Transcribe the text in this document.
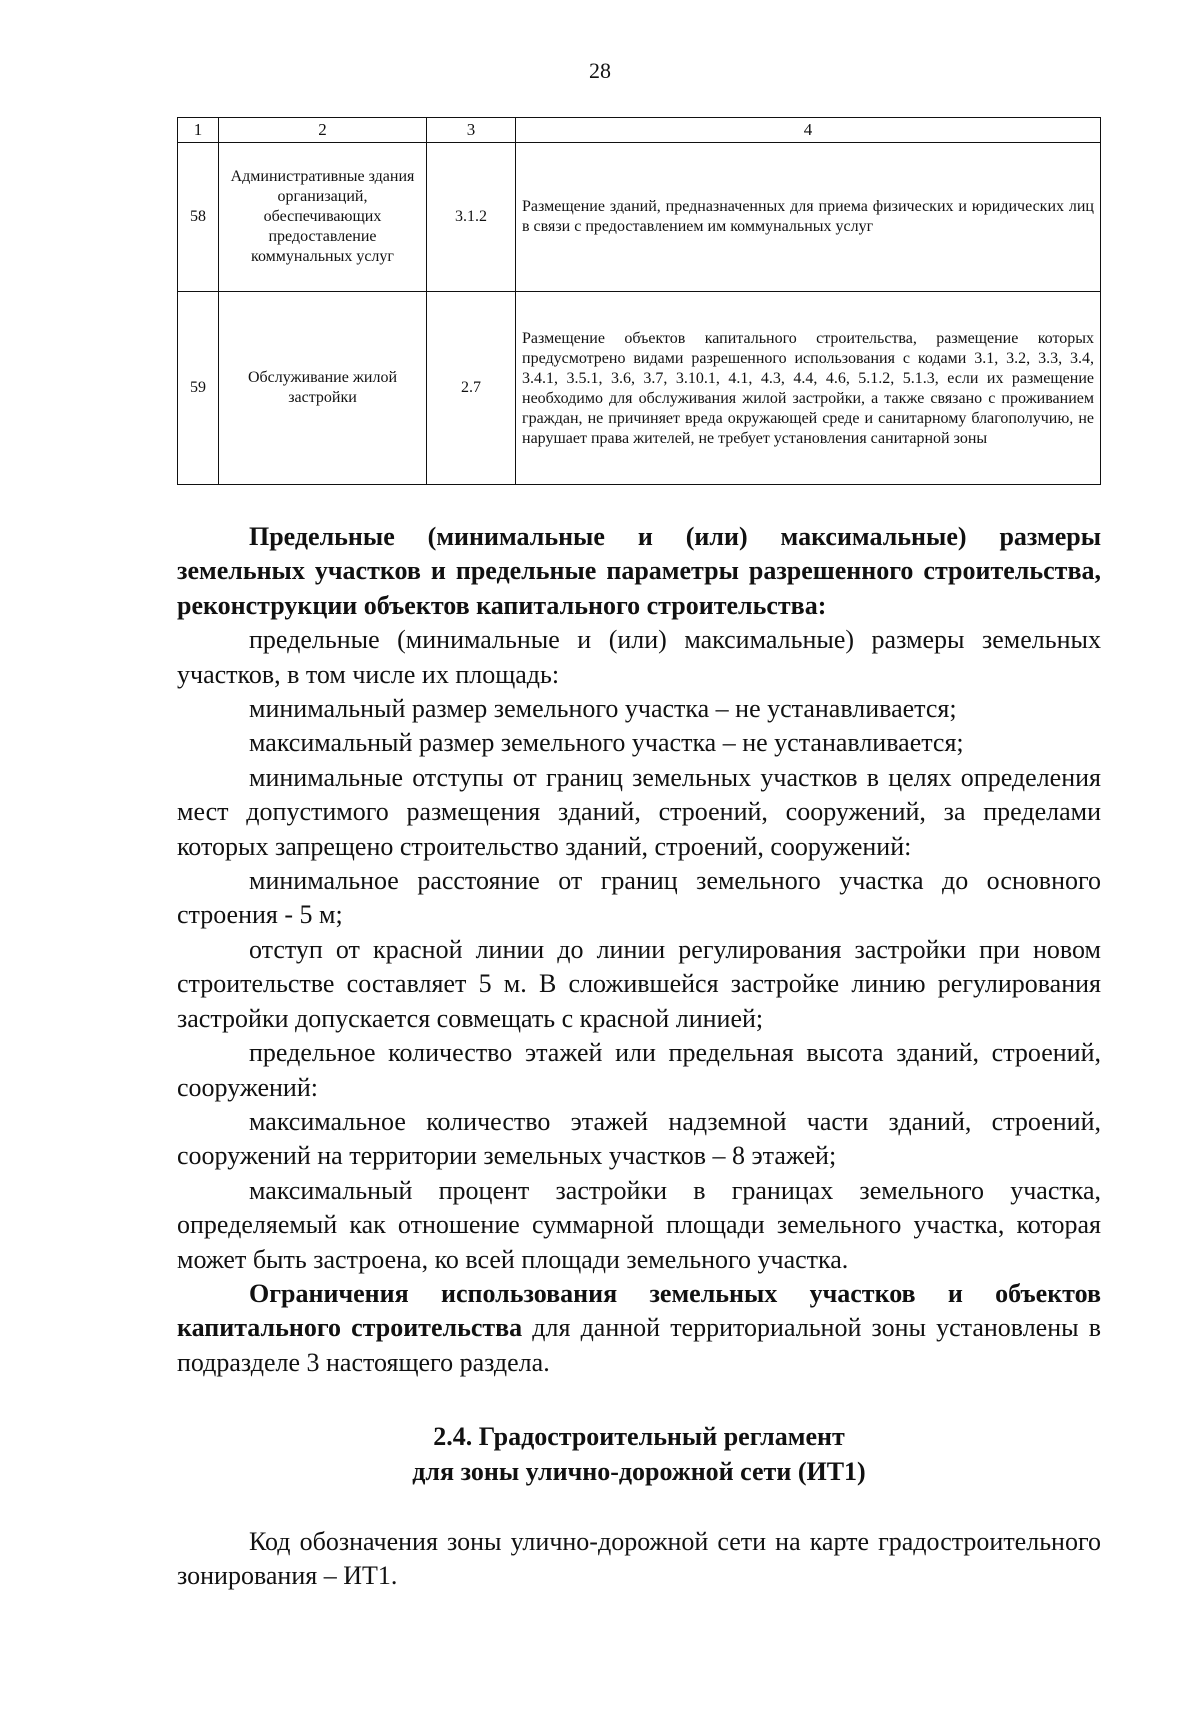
28
1	2	3	4
58	Административные здания организаций, обеспечивающих предоставление коммунальных услуг	3.1.2	Размещение зданий, предназначенных для приема физических и юридических лиц в связи с предоставлением им коммунальных услуг
59	Обслуживание жилой застройки	2.7	Размещение объектов капитального строительства, размещение которых предусмотрено видами разрешенного использования с кодами 3.1, 3.2, 3.3, 3.4, 3.4.1, 3.5.1, 3.6, 3.7, 3.10.1, 4.1, 4.3, 4.4, 4.6, 5.1.2, 5.1.3, если их размещение необходимо для обслуживания жилой застройки, а также связано с проживанием граждан, не причиняет вреда окружающей среде и санитарному благополучию, не нарушает права жителей, не требует установления санитарной зоны

Предельные (минимальные и (или) максимальные) размеры земельных участков и предельные параметры разрешенного строительства, реконструкции объектов капитального строительства:

предельные (минимальные и (или) максимальные) размеры земельных участков, в том числе их площадь:

минимальный размер земельного участка – не устанавливается;

максимальный размер земельного участка – не устанавливается;

минимальные отступы от границ земельных участков в целях определения мест допустимого размещения зданий, строений, сооружений, за пределами которых запрещено строительство зданий, строений, сооружений:

минимальное расстояние от границ земельного участка до основного строения - 5 м;

отступ от красной линии до линии регулирования застройки при новом строительстве составляет 5 м. В сложившейся застройке линию регулирования застройки допускается совмещать с красной линией;

предельное количество этажей или предельная высота зданий, строений, сооружений:

максимальное количество этажей надземной части зданий, строений, сооружений на территории земельных участков – 8 этажей;

максимальный процент застройки в границах земельного участка, определяемый как отношение суммарной площади земельного участка, которая может быть застроена, ко всей площади земельного участка.

Ограничения использования земельных участков и объектов капитального строительства для данной территориальной зоны установлены в подразделе 3 настоящего раздела.

2.4. Градостроительный регламент
для зоны улично-дорожной сети (ИТ1)

Код обозначения зоны улично-дорожной сети на карте градостроительного зонирования – ИТ1.
